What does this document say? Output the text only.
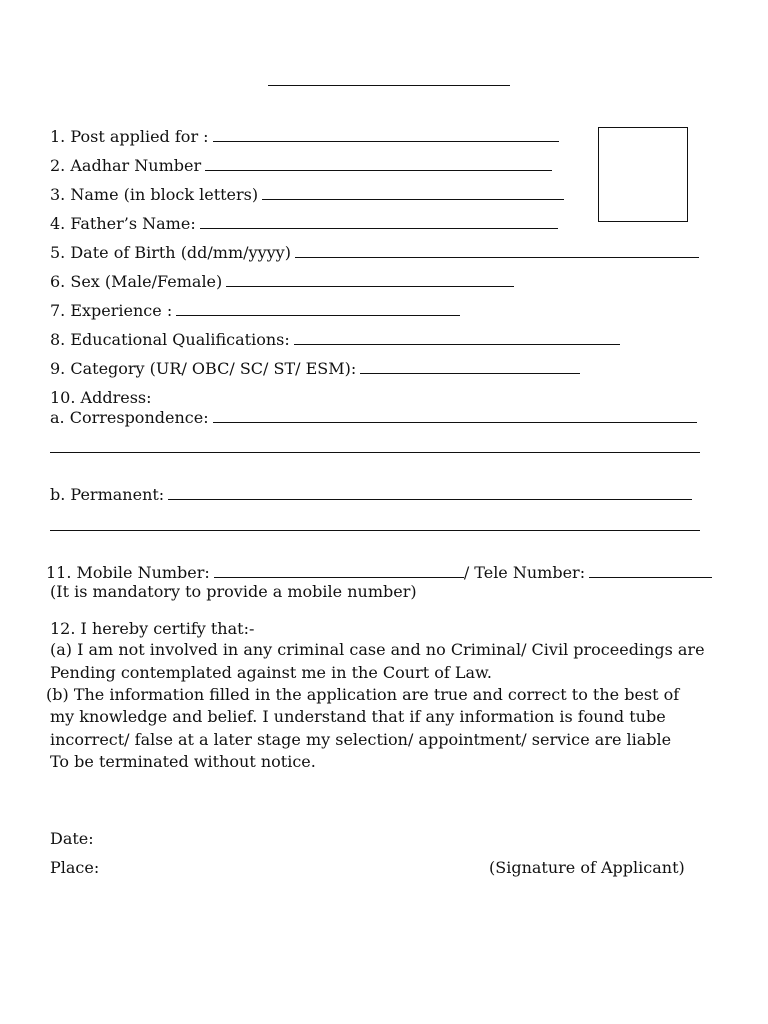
1. Post applied for :
2. Aadhar Number
3. Name (in block letters)
4. Father’s Name:
5. Date of Birth (dd/mm/yyyy)
6. Sex (Male/Female)
7. Experience :
8. Educational Qualifications:
9. Category (UR/ OBC/ SC/ ST/ ESM):
10. Address:
a. Correspondence:
b. Permanent:
11. Mobile Number:	/ Tele Number:
(It is mandatory to provide a mobile number)
12. I hereby certify that:-
(a) I am not involved in any criminal case and no Criminal/ Civil proceedings are
Pending contemplated against me in the Court of Law.
(b) The information filled in the application are true and correct to the best of
my knowledge and belief. I understand that if any information is found tube
incorrect/ false at a later stage my selection/ appointment/ service are liable
To be terminated without notice.
Date:
Place:	(Signature of Applicant)
